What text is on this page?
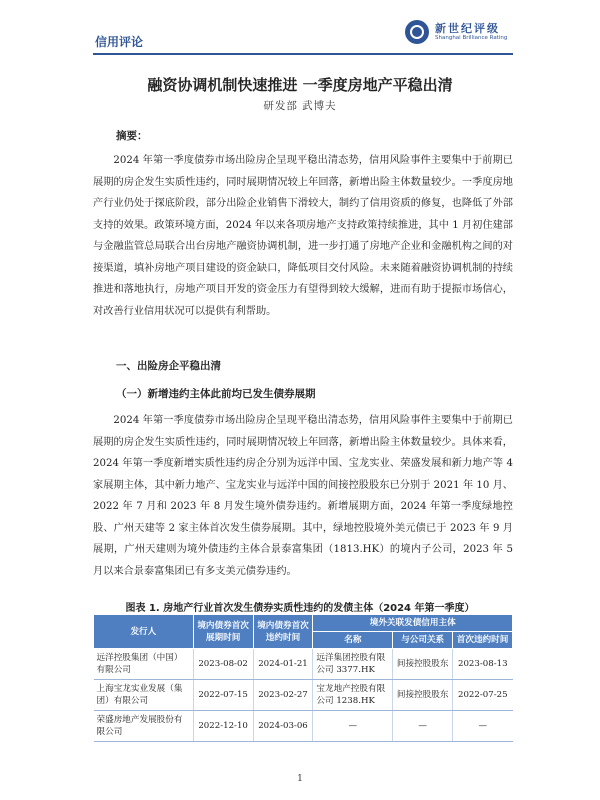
信用评论
新世纪评级
Shanghai Brilliance Rating
融资协调机制快速推进 一季度房地产平稳出清
研发部 武博夫
摘要：
2024 年第一季度债券市场出险房企呈现平稳出清态势，信用风险事件主要集中于前期已展期的房企发生实质性违约，同时展期情况较上年回落，新增出险主体数量较少。一季度房地产行业仍处于探底阶段，部分出险企业销售下滑较大，制约了信用资质的修复，也降低了外部支持的效果。政策环境方面，2024 年以来各项房地产支持政策持续推进，其中 1 月初住建部与金融监管总局联合出台房地产融资协调机制，进一步打通了房地产企业和金融机构之间的对接渠道，填补房地产项目建设的资金缺口，降低项目交付风险。未来随着融资协调机制的持续推进和落地执行，房地产项目开发的资金压力有望得到较大缓解，进而有助于提振市场信心，对改善行业信用状况可以提供有利帮助。
一、出险房企平稳出清
（一）新增违约主体此前均已发生债券展期
2024 年第一季度债券市场出险房企呈现平稳出清态势，信用风险事件主要集中于前期已展期的房企发生实质性违约，同时展期情况较上年回落，新增出险主体数量较少。具体来看，2024 年第一季度新增实质性违约房企分别为远洋中国、宝龙实业、荣盛发展和新力地产等 4 家展期主体，其中新力地产、宝龙实业与远洋中国的间接控股股东已分别于 2021 年 10 月、2022 年 7 月和 2023 年 8 月发生境外债券违约。新增展期方面，2024 年第一季度绿地控股、广州天建等 2 家主体首次发生债券展期。其中，绿地控股境外美元债已于 2023 年 9 月展期，广州天建则为境外债违约主体合景泰富集团（1813.HK）的境内子公司，2023 年 5 月以来合景泰富集团已有多支美元债券违约。
图表 1. 房地产行业首次发生债券实质性违约的发债主体（2024 年第一季度）
发行人	境内债券首次展期时间	境内债券首次违约时间	境外关联发债信用主体		
			名称	与公司关系	首次违约时间
远洋控股集团（中国）有限公司	2023-08-02	2024-01-21	远洋集团控股有限公司 3377.HK	间接控股股东	2023-08-13
上海宝龙实业发展（集团）有限公司	2022-07-15	2023-02-27	宝龙地产控股有限公司 1238.HK	间接控股股东	2022-07-25
荣盛房地产发展股份有限公司	2022-12-10	2024-03-06	—	—	—
1
